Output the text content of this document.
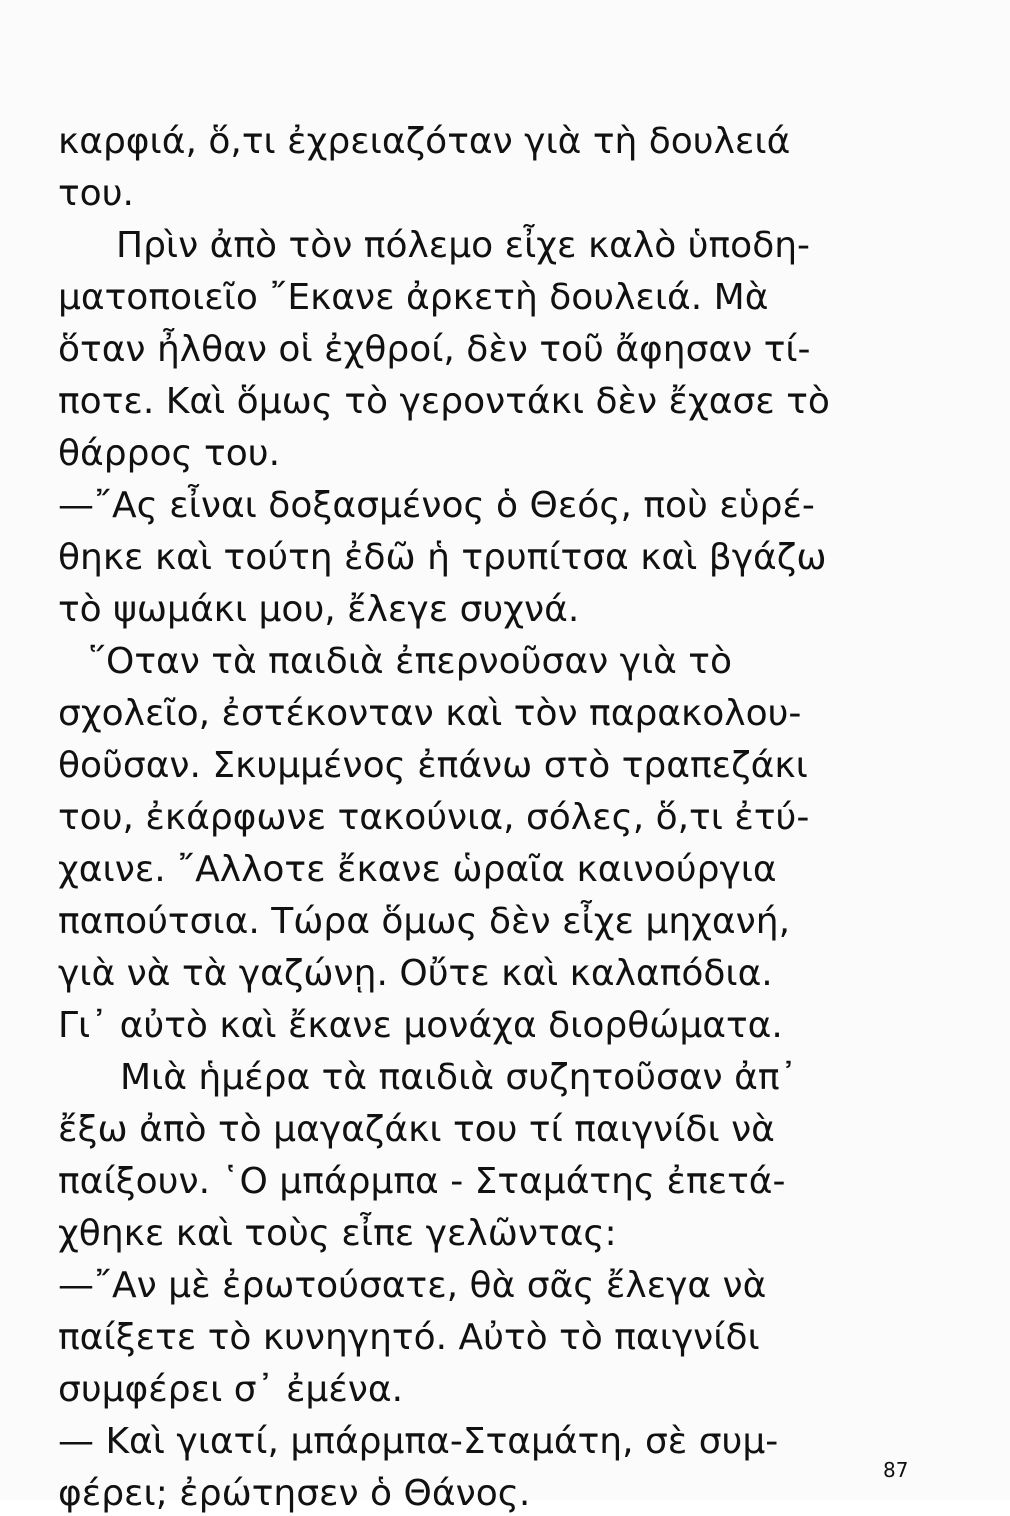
καρφιά, ὅ,τι ἐχρειαζόταν γιὰ τὴ δουλειά
του.
Πρὶν ἀπὸ τὸν πόλεμο εἶχε καλὸ ὑποδη-
ματοποιεῖο ῎Εκανε ἀρκετὴ δουλειά. Μὰ
ὅταν ἦλθαν οἱ ἐχθροί, δὲν τοῦ ἄφησαν τί-
ποτε. Καὶ ὅμως τὸ γεροντάκι δὲν ἔχασε τὸ
θάρρος του.
—῎Ας εἶναι δοξασμένος ὁ Θεός, ποὺ εὑρέ-
θηκε καὶ τούτη ἐδῶ ἡ τρυπίτσα καὶ βγάζω
τὸ ψωμάκι μου, ἔλεγε συχνά.
῞Οταν τὰ παιδιὰ ἐπερνοῦσαν γιὰ τὸ
σχολεῖο, ἐστέκονταν καὶ τὸν παρακολου-
θοῦσαν. Σκυμμένος ἐπάνω στὸ τραπεζάκι
του, ἐκάρφωνε τακούνια, σόλες, ὅ,τι ἐτύ-
χαινε. ῎Αλλοτε ἔκανε ὡραῖα καινούργια
παπούτσια. Τώρα ὅμως δὲν εἶχε μηχανή,
γιὰ νὰ τὰ γαζώνῃ. Οὔτε καὶ καλαπόδια.
Γι᾿ αὐτὸ καὶ ἔκανε μονάχα διορθώματα.
Μιὰ ἡμέρα τὰ παιδιὰ συζητοῦσαν ἀπ᾿
ἔξω ἀπὸ τὸ μαγαζάκι του τί παιγνίδι νὰ
παίξουν. ῾Ο μπάρμπα - Σταμάτης ἐπετά-
χθηκε καὶ τοὺς εἶπε γελῶντας:
—῎Αν μὲ ἐρωτούσατε, θὰ σᾶς ἔλεγα νὰ
παίξετε τὸ κυνηγητό. Αὐτὸ τὸ παιγνίδι
συμφέρει σ᾿ ἐμένα.
— Καὶ γιατί, μπάρμπα-Σταμάτη, σὲ συμ-
φέρει; ἐρώτησεν ὁ Θάνος.
87
